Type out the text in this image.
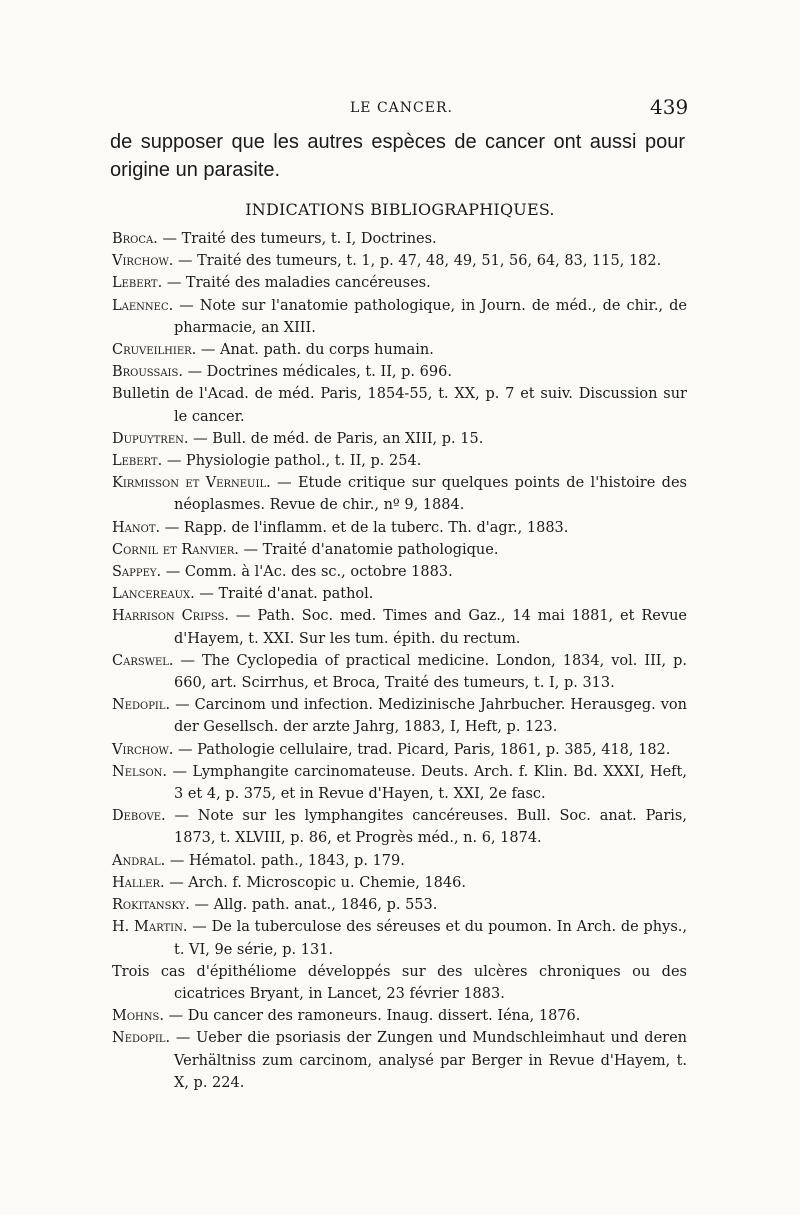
LE CANCER.	439

de supposer que les autres espèces de cancer ont aussi pour origine un parasite.

INDICATIONS BIBLIOGRAPHIQUES.
Broca. — Traité des tumeurs, t. I, Doctrines.
Virchow. — Traité des tumeurs, t. 1, p. 47, 48, 49, 51, 56, 64, 83, 115, 182.
Lebert. — Traité des maladies cancéreuses.
Laennec. — Note sur l'anatomie pathologique, in Journ. de méd., de chir., de pharmacie, an XIII.
Cruveilhier. — Anat. path. du corps humain.
Broussais. — Doctrines médicales, t. II, p. 696.
Bulletin de l'Acad. de méd. Paris, 1854-55, t. XX, p. 7 et suiv. Discussion sur le cancer.
Dupuytren. — Bull. de méd. de Paris, an XIII, p. 15.
Lebert. — Physiologie pathol., t. II, p. 254.
Kirmisson et Verneuil. — Etude critique sur quelques points de l'histoire des néoplasmes. Revue de chir., nº 9, 1884.
Hanot. — Rapp. de l'inflamm. et de la tuberc. Th. d'agr., 1883.
Cornil et Ranvier. — Traité d'anatomie pathologique.
Sappey. — Comm. à l'Ac. des sc., octobre 1883.
Lancereaux. — Traité d'anat. pathol.
Harrison Cripss. — Path. Soc. med. Times and Gaz., 14 mai 1881, et Revue d'Hayem, t. XXI. Sur les tum. épith. du rectum.
Carswel. — The Cyclopedia of practical medicine. London, 1834, vol. III, p. 660, art. Scirrhus, et Broca, Traité des tumeurs, t. I, p. 313.
Nedopil. — Carcinom und infection. Medizinische Jahrbucher. Herausgeg. von der Gesellsch. der arzte Jahrg, 1883, I, Heft, p. 123.
Virchow. — Pathologie cellulaire, trad. Picard, Paris, 1861, p. 385, 418, 182.
Nelson. — Lymphangite carcinomateuse. Deuts. Arch. f. Klin. Bd. XXXI, Heft, 3 et 4, p. 375, et in Revue d'Hayen, t. XXI, 2e fasc.
Debove. — Note sur les lymphangites cancéreuses. Bull. Soc. anat. Paris, 1873, t. XLVIII, p. 86, et Progrès méd., n. 6, 1874.
Andral. — Hématol. path., 1843, p. 179.
Haller. — Arch. f. Microscopic u. Chemie, 1846.
Rokitansky. — Allg. path. anat., 1846, p. 553.
H. Martin. — De la tuberculose des séreuses et du poumon. In Arch. de phys., t. VI, 9e série, p. 131.
Trois cas d'épithéliome développés sur des ulcères chroniques ou des cicatrices Bryant, in Lancet, 23 février 1883.
Mohns. — Du cancer des ramoneurs. Inaug. dissert. Iéna, 1876.
Nedopil. — Ueber die psoriasis der Zungen und Mundschleimhaut und deren Verhältniss zum carcinom, analysé par Berger in Revue d'Hayem, t. X, p. 224.
